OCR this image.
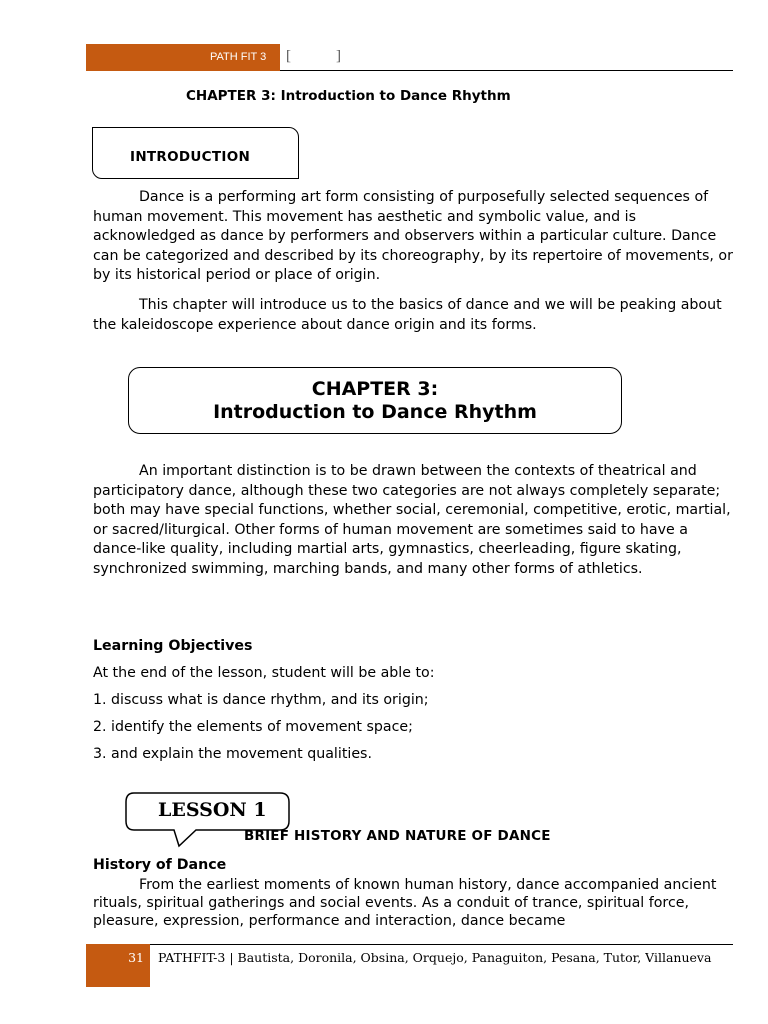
PATH FIT 3 [	]
CHAPTER 3: Introduction to Dance Rhythm
INTRODUCTION

Dance is a performing art form consisting of purposefully selected sequences of human movement. This movement has aesthetic and symbolic value, and is acknowledged as dance by performers and observers within a particular culture. Dance can be categorized and described by its choreography, by its repertoire of movements, or by its historical period or place of origin.

This chapter will introduce us to the basics of dance and we will be peaking about the kaleidoscope experience about dance origin and its forms.

CHAPTER 3:
Introduction to Dance Rhythm

An important distinction is to be drawn between the contexts of theatrical and participatory dance, although these two categories are not always completely separate; both may have special functions, whether social, ceremonial, competitive, erotic, martial, or sacred/liturgical. Other forms of human movement are sometimes said to have a dance-like quality, including martial arts, gymnastics, cheerleading, figure skating, synchronized swimming, marching bands, and many other forms of athletics.

Learning Objectives
At the end of the lesson, student will be able to:
1. discuss what is dance rhythm, and its origin;
2. identify the elements of movement space;
3. and explain the movement qualities.
LESSON 1
BRIEF HISTORY AND NATURE OF DANCE
History of Dance

From the earliest moments of known human history, dance accompanied ancient rituals, spiritual gatherings and social events. As a conduit of trance, spiritual force, pleasure, expression, performance and interaction, dance became

31 PATHFIT-3 | Bautista, Doronila, Obsina, Orquejo, Panaguiton, Pesana, Tutor, Villanueva
